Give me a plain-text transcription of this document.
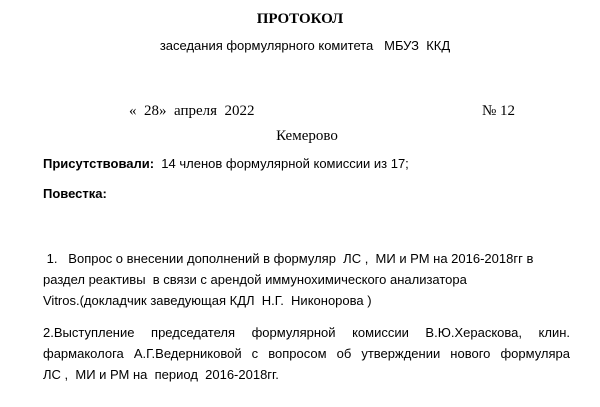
ПРОТОКОЛ
заседания формулярного комитета   МБУЗ  ККД
«  28»  апреля  2022	№ 12
Кемерово
Присутствовали:  14 членов формулярной комиссии из 17;
Повестка:
1.   Вопрос о внесении дополнений в формуляр  ЛС ,  МИ и РМ на 2016-2018гг в
раздел реактивы  в связи с арендой иммунохимического анализатора
Vitros.(докладчик заведующая КДЛ  Н.Г.  Никонорова )
2.Выступление председателя формулярной комиссии В.Ю.Хераскова, клин.
фармаколога А.Г.Ведерниковой с вопросом об утверждении нового формуляра
ЛС ,  МИ и РМ на  период  2016-2018гг.
